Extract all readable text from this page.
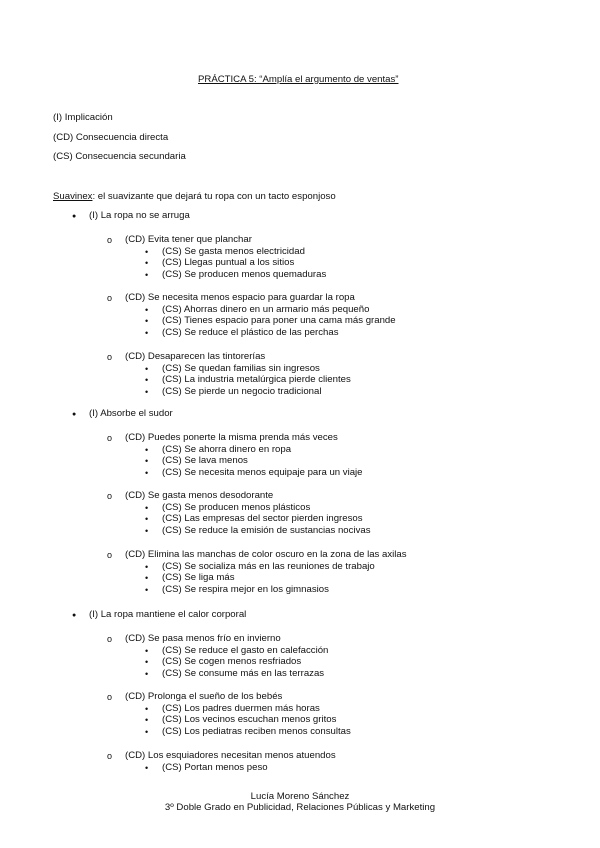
PRÁCTICA 5: “Amplía el argumento de ventas”
(I) Implicación
(CD) Consecuencia directa
(CS) Consecuencia secundaria
Suavinex: el suavizante que dejará tu ropa con un tacto esponjoso
● (I) La ropa no se arruga
o (CD) Evita tener que planchar
• (CS) Se gasta menos electricidad
• (CS) Llegas puntual a los sitios
• (CS) Se producen menos quemaduras
o (CD) Se necesita menos espacio para guardar la ropa
• (CS) Ahorras dinero en un armario más pequeño
• (CS) Tienes espacio para poner una cama más grande
• (CS) Se reduce el plástico de las perchas
o (CD) Desaparecen las tintorerías
• (CS) Se quedan familias sin ingresos
• (CS) La industria metalúrgica pierde clientes
• (CS) Se pierde un negocio tradicional
● (I) Absorbe el sudor
o (CD) Puedes ponerte la misma prenda más veces
• (CS) Se ahorra dinero en ropa
• (CS) Se lava menos
• (CS) Se necesita menos equipaje para un viaje
o (CD) Se gasta menos desodorante
• (CS) Se producen menos plásticos
• (CS) Las empresas del sector pierden ingresos
• (CS) Se reduce la emisión de sustancias nocivas
o (CD) Elimina las manchas de color oscuro en la zona de las axilas
• (CS) Se socializa más en las reuniones de trabajo
• (CS) Se liga más
• (CS) Se respira mejor en los gimnasios
● (I) La ropa mantiene el calor corporal
o (CD) Se pasa menos frío en invierno
• (CS) Se reduce el gasto en calefacción
• (CS) Se cogen menos resfriados
• (CS) Se consume más en las terrazas
o (CD) Prolonga el sueño de los bebés
• (CS) Los padres duermen más horas
• (CS) Los vecinos escuchan menos gritos
• (CS) Los pediatras reciben menos consultas
o (CD) Los esquiadores necesitan menos atuendos
• (CS) Portan menos peso
Lucía Moreno Sánchez
3º Doble Grado en Publicidad, Relaciones Públicas y Marketing
